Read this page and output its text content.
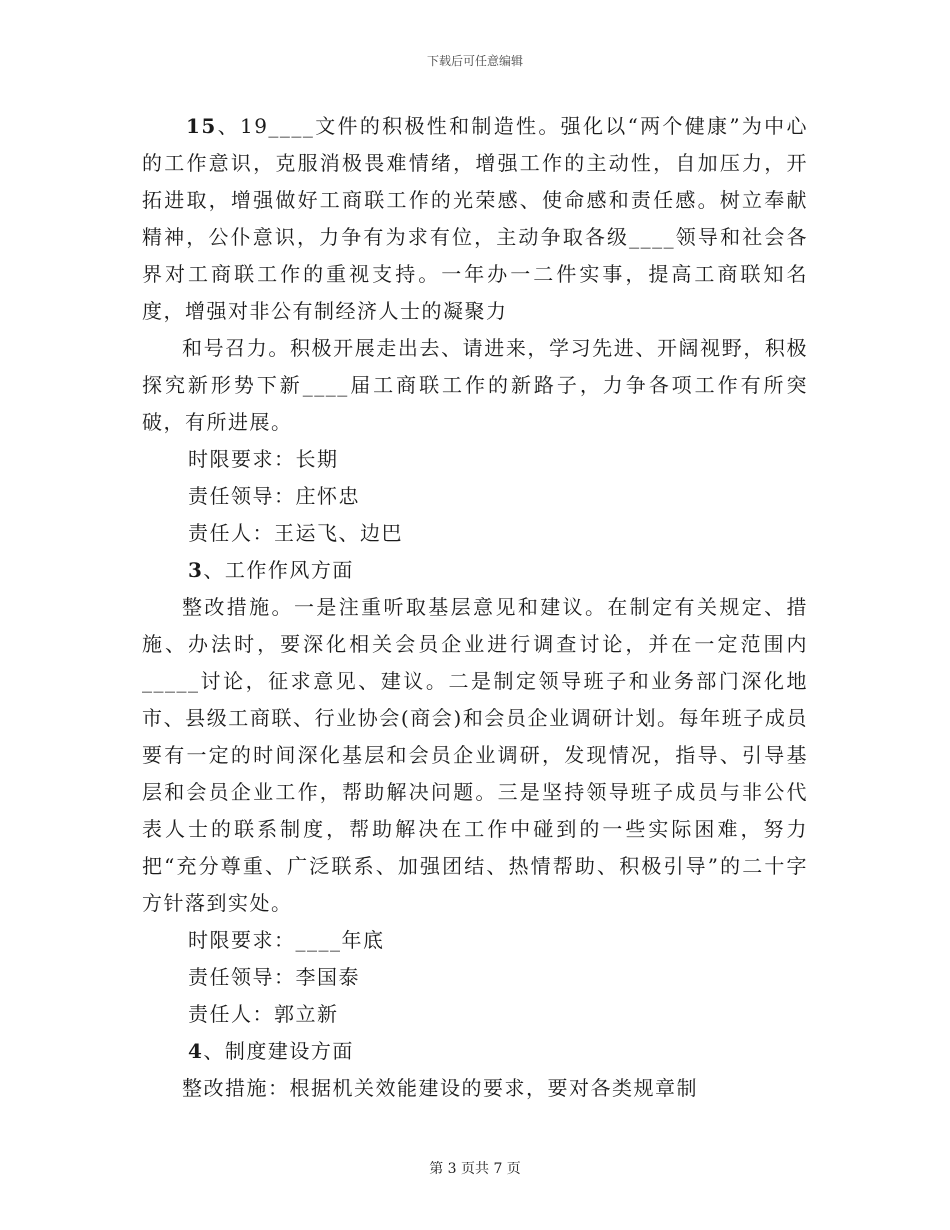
下载后可任意编辑

15、19____文件的积极性和制造性。强化以“两个健康”为中心的工作意识，克服消极畏难情绪，增强工作的主动性，自加压力，开拓进取，增强做好工商联工作的光荣感、使命感和责任感。树立奉献精神，公仆意识，力争有为求有位，主动争取各级____领导和社会各界对工商联工作的重视支持。一年办一二件实事，提高工商联知名度，增强对非公有制经济人士的凝聚力

和号召力。积极开展走出去、请进来，学习先进、开阔视野，积极探究新形势下新____届工商联工作的新路子，力争各项工作有所突破，有所进展。

时限要求：长期

责任领导：庄怀忠

责任人：王运飞、边巴

3、工作作风方面

整改措施。一是注重听取基层意见和建议。在制定有关规定、措施、办法时，要深化相关会员企业进行调查讨论，并在一定范围内_____讨论，征求意见、建议。二是制定领导班子和业务部门深化地市、县级工商联、行业协会(商会)和会员企业调研计划。每年班子成员要有一定的时间深化基层和会员企业调研，发现情况，指导、引导基层和会员企业工作，帮助解决问题。三是坚持领导班子成员与非公代表人士的联系制度，帮助解决在工作中碰到的一些实际困难，努力把“充分尊重、广泛联系、加强团结、热情帮助、积极引导”的二十字方针落到实处。

时限要求：____年底

责任领导：李国泰

责任人：郭立新

4、制度建设方面

整改措施：根据机关效能建设的要求，要对各类规章制

第 3 页共 7 页
